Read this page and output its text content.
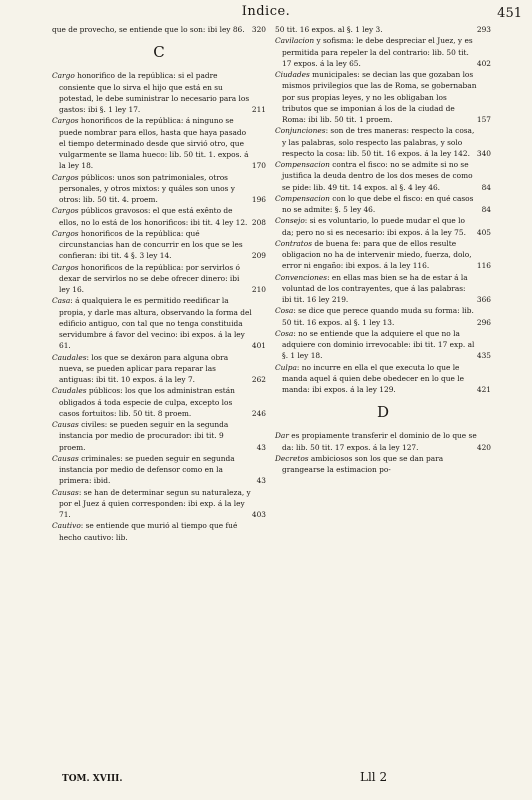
Indice.	451

que de provecho, se entiende que lo son: ibi ley 86. 320

C

Cargo honorifico de la república: si el padre consiente que lo sirva el hijo que está en su potestad, le debe suministrar lo necesario para los gastos: ibi §. 1 ley 17.	211

Cargos honorificos de la república: á ninguno se puede nombrar para ellos, hasta que haya pasado el tiempo determinado desde que sirvió otro, que vulgarmente se llama hueco: lib. 50 tit. 1. expos. á la ley 18.	170

Cargos públicos: unos son patrimoniales, otros personales, y otros mixtos: y quáles son unos y otros: lib. 50 tit. 4. proem.	196

Cargos públicos gravosos: el que está exênto de ellos, no lo está de los honorificos: ibi tit. 4 ley 12. 208

Cargos honorificos de la república: qué circunstancias han de concurrir en los que se les confieran: ibi tit. 4 §. 3 ley 14.	209

Cargos honorificos de la república: por servirlos ó dexar de servirlos no se debe ofrecer dinero: ibi ley 16.	210

Casa: á qualquiera le es permitido reedificar la propia, y darle mas altura, observando la forma del edificio antiguo, con tal que no tenga constituida servidumbre á favor del vecino: ibi expos. á la ley 61.	401

Caudales: los que se dexáron para alguna obra nueva, se pueden aplicar para reparar las antiguas: ibi tit. 10 expos. á la ley 7.	262

Caudales públicos: los que los administran están obligados á toda especie de culpa, excepto los casos fortuitos: lib. 50 tit. 8 proem.	246

Causas civiles: se pueden seguir en la segunda instancia por medio de procurador: ibi tit. 9 proem.	43

Causas criminales: se pueden seguir en segunda instancia por medio de defensor como en la primera: ibid.	43

Causas: se han de determinar segun su naturaleza, y por el Juez á quien corresponden: ibi exp. á la ley 71.	403

Cautivo: se entiende que murió al tiempo que fué hecho cautivo: lib.

50 tit. 16 expos. al §. 1 ley 3.	293

Cavilacion y sofisma: le debe despreciar el Juez, y es permitida para repeler la del contrario: lib. 50 tit. 17 expos. á la ley 65.	402

Ciudades municipales: se decian las que gozaban los mismos privilegios que las de Roma, se gobernaban por sus propias leyes, y no les obligaban los tributos que se imponian á los de la ciudad de Roma: ibi lib. 50 tit. 1 proem.	157

Conjunciones: son de tres maneras: respecto la cosa, y las palabras, solo respecto las palabras, y solo respecto la cosa: lib. 50 tit. 16 expos. á la ley 142. 340

Compensacion contra el fisco: no se admite si no se justifica la deuda dentro de los dos meses de como se pide: lib. 49 tit. 14 expos. al §. 4 ley 46.	84

Compensacion con lo que debe el fisco: en qué casos no se admite: §. 5 ley 46.	84

Consejo: si es voluntario, lo puede mudar el que lo da; pero no si es necesario: ibi expos. á la ley 75. 405

Contratos de buena fe: para que de ellos resulte obligacion no ha de intervenir miedo, fuerza, dolo, error ni engaño: ibi expos. á la ley 116.	116

Convenciones: en ellas mas bien se ha de estar á la voluntad de los contrayentes, que á las palabras: ibi tit. 16 ley 219.	366

Cosa: se dice que perece quando muda su forma: lib. 50 tit. 16 expos. al §. 1 ley 13.	296

Cosa: no se entiende que la adquiere el que no la adquiere con dominio irrevocable: ibi tit. 17 exp. al §. 1 ley 18.	435

Culpa: no incurre en ella el que executa lo que le manda aquel á quien debe obedecer en lo que le manda: ibi expos. á la ley 129.	421

D

Dar es propiamente transferir el dominio de lo que se da: lib. 50 tit. 17 expos. á la ley 127.	420

Decretos ambiciosos son los que se dan para grangearse la estimacion po-

TOM. XVIII.	Lll 2
